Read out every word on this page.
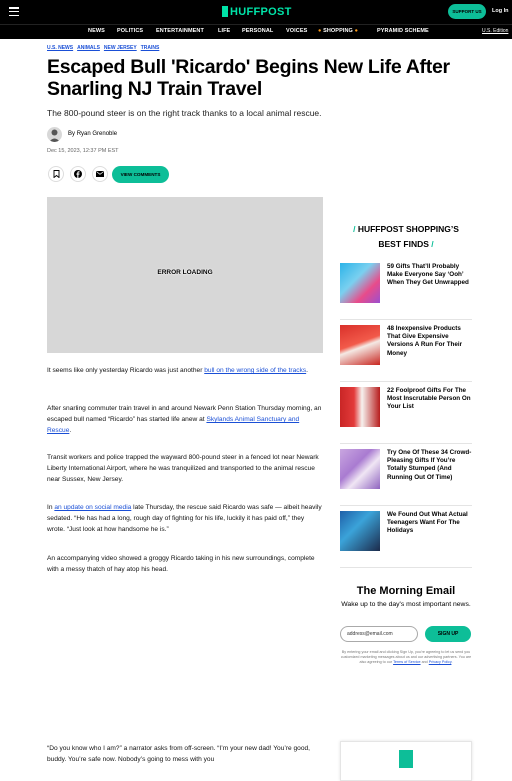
HUFFPOST	SUPPORT US	Log In
NEWS POLITICS ENTERTAINMENT	LIFE PERSONAL VOICES ● SHOPPING ●	PYRAMID SCHEME	U.S. Edition
U.S. NEWS ANIMALS NEW JERSEY TRAINS
Escaped Bull 'Ricardo' Begins New Life After Snarling NJ Train Travel
The 800-pound steer is on the right track thanks to a local animal rescue.
By Ryan Grenoble
Dec 15, 2023, 12:37 PM EST
VIEW COMMENTS
ERROR LOADING

It seems like only yesterday Ricardo was just another bull on the wrong side of the tracks.

After snarling commuter train travel in and around Newark Penn Station Thursday morning, an escaped bull named “Ricardo” has started life anew at Skylands Animal Sanctuary and Rescue.

Transit workers and police trapped the wayward 800-pound steer in a fenced lot near Newark Liberty International Airport, where he was tranquilized and transported to the animal rescue near Sussex, New Jersey.

In an update on social media late Thursday, the rescue said Ricardo was safe — albeit heavily sedated. “He has had a long, rough day of fighting for his life, luckily it has paid off,” they wrote. “Just look at how handsome he is.”

An accompanying video showed a groggy Ricardo taking in his new surroundings, complete with a messy thatch of hay atop his head.

“Do you know who I am?” a narrator asks from off-screen. “I’m your new dad! You’re good, buddy. You’re safe now. Nobody’s going to mess with you

/ HUFFPOST SHOPPING’S
BEST FINDS /
59 Gifts That’ll Probably Make Everyone Say ‘Ooh’ When They Get Unwrapped
48 Inexpensive Products That Give Expensive Versions A Run For Their Money
22 Foolproof Gifts For The Most Inscrutable Person On Your List
Try One Of These 34 Crowd-Pleasing Gifts If You’re Totally Stumped (And Running Out Of Time)
We Found Out What Actual Teenagers Want For The Holidays
The Morning Email
Wake up to the day's most important news.
address@email.com
SIGN UP
By entering your email and clicking Sign Up, you're agreeing to let us send you customized marketing messages about us and our advertising partners. You are also agreeing to our Terms of Service and Privacy Policy.
